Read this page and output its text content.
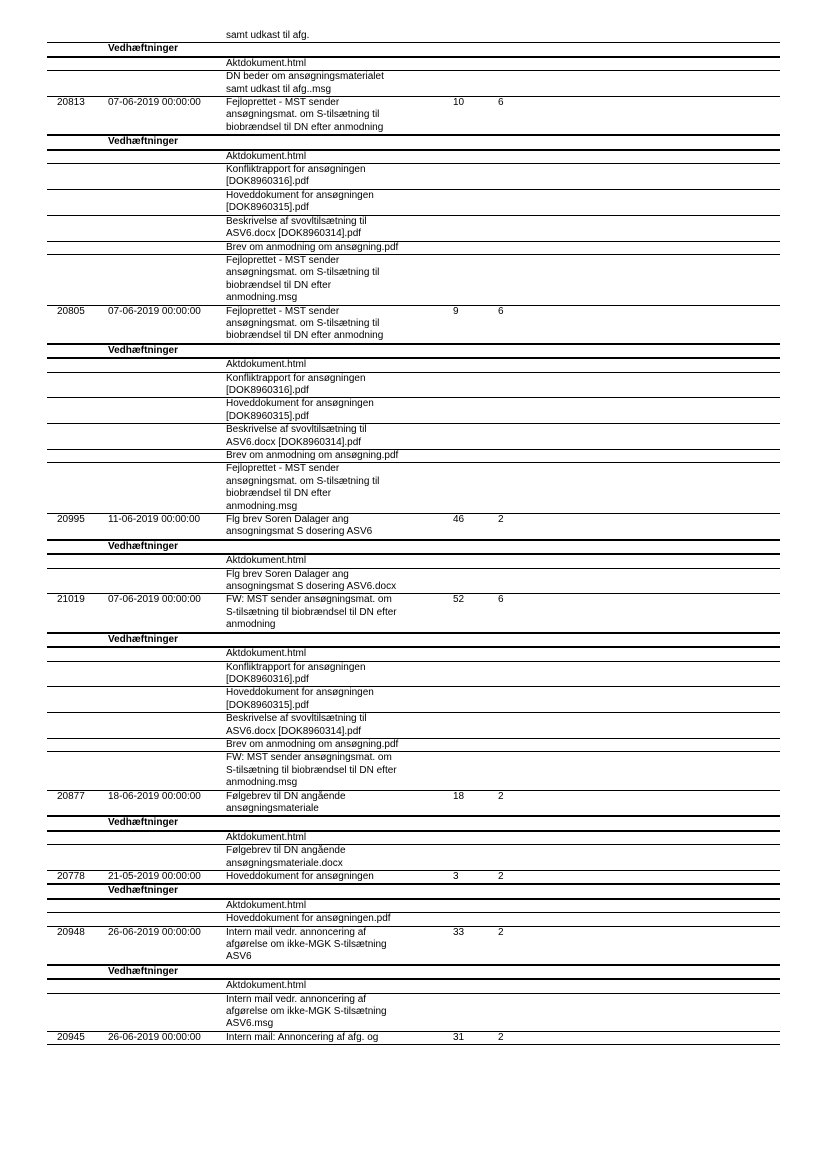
samt udkast til afg.
Vedhæftninger
Aktdokument.html
DN beder om ansøgningsmaterialet
samt udkast til afg..msg
20813	07-06-2019 00:00:00	Fejloprettet - MST sender
ansøgningsmat. om S-tilsætning til
biobrændsel til DN efter anmodning
10	6
Vedhæftninger
Aktdokument.html
Konfliktrapport for ansøgningen
[DOK8960316].pdf
Hoveddokument for ansøgningen
[DOK8960315].pdf
Beskrivelse af svovltilsætning til
ASV6.docx [DOK8960314].pdf
Brev om anmodning om ansøgning.pdf
Fejloprettet - MST sender
ansøgningsmat. om S-tilsætning til
biobrændsel til DN efter
anmodning.msg
20805	07-06-2019 00:00:00	Fejloprettet - MST sender
ansøgningsmat. om S-tilsætning til
biobrændsel til DN efter anmodning
9	6
Vedhæftninger
Aktdokument.html
Konfliktrapport for ansøgningen
[DOK8960316].pdf
Hoveddokument for ansøgningen
[DOK8960315].pdf
Beskrivelse af svovltilsætning til
ASV6.docx [DOK8960314].pdf
Brev om anmodning om ansøgning.pdf
Fejloprettet - MST sender
ansøgningsmat. om S-tilsætning til
biobrændsel til DN efter
anmodning.msg
20995	11-06-2019 00:00:00	Flg brev Soren Dalager ang
ansogningsmat S dosering ASV6
46	2
Vedhæftninger
Aktdokument.html
Flg brev Soren Dalager ang
ansogningsmat S dosering ASV6.docx
21019	07-06-2019 00:00:00	FW: MST sender ansøgningsmat. om
S-tilsætning til biobrændsel til DN efter
anmodning
52	6
Vedhæftninger
Aktdokument.html
Konfliktrapport for ansøgningen
[DOK8960316].pdf
Hoveddokument for ansøgningen
[DOK8960315].pdf
Beskrivelse af svovltilsætning til
ASV6.docx [DOK8960314].pdf
Brev om anmodning om ansøgning.pdf
FW: MST sender ansøgningsmat. om
S-tilsætning til biobrændsel til DN efter
anmodning.msg
20877	18-06-2019 00:00:00	Følgebrev til DN angående
ansøgningsmateriale
18	2
Vedhæftninger
Aktdokument.html
Følgebrev til DN angående
ansøgningsmateriale.docx
20778	21-05-2019 00:00:00	Hoveddokument for ansøgningen	3	2
Vedhæftninger
Aktdokument.html
Hoveddokument for ansøgningen.pdf
20948	26-06-2019 00:00:00	Intern mail vedr. annoncering af
afgørelse om ikke-MGK S-tilsætning
ASV6
33	2
Vedhæftninger
Aktdokument.html
Intern mail vedr. annoncering af
afgørelse om ikke-MGK S-tilsætning
ASV6.msg
20945	26-06-2019 00:00:00	Intern mail: Annoncering af afg. og	31	2
